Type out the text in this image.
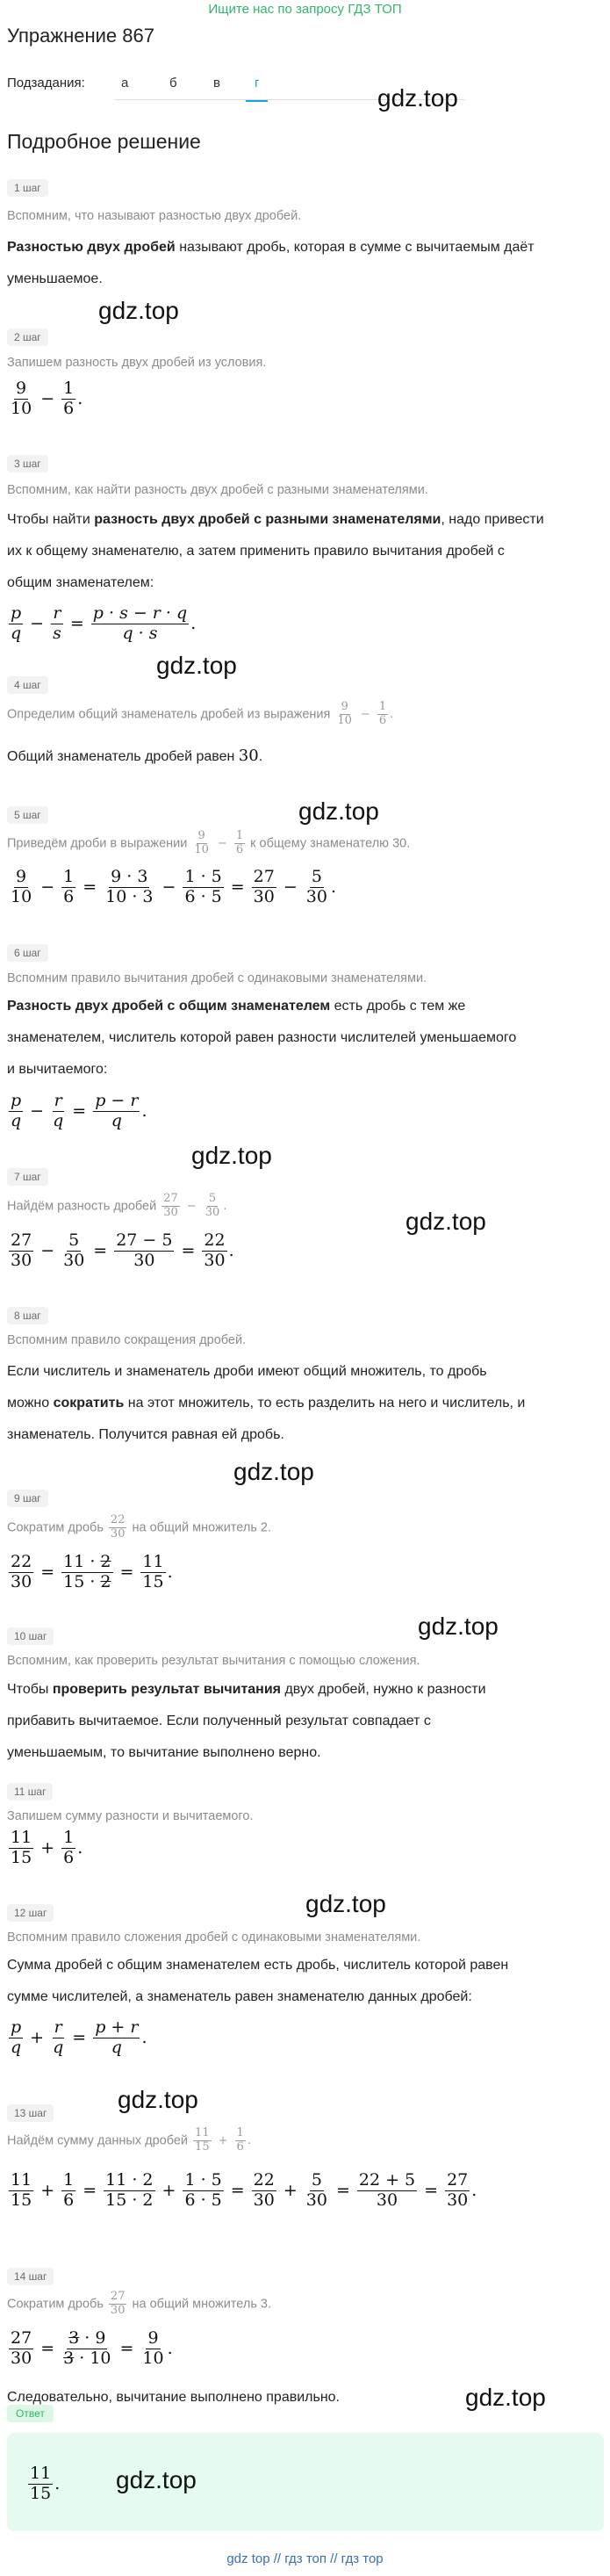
Ищите нас по запросу ГДЗ ТОП
Упражнение 867
Подзадания:	а	б	в	г
gdz.top
Подробное решение
1 шаг
Вспомним, что называют разностью двух дробей.
Разностью двух дробей называют дробь, которая в сумме с вычитаемым даёт
уменьшаемое.
gdz.top
2 шаг
Запишем разность двух дробей из условия.
9
$10 - \frac{1}{6}$ .
3 шаг
Вспомним, как найти разность двух дробей с разными знаменателями.
Чтобы найти разность двух дробей с разными знаменателями, надо привести
их к общему знаменателю, а затем применить правило вычитания дробей с
общим знаменателем:
p
$q - \frac{r}{s} = \frac{p \cdot s - r \cdot q}{q \cdot s}$ .
gdz.top
4 шаг
Определим общий знаменатель дробей из выражения
9
$10 - \frac{1}{6}$ .
Общий знаменатель дробей равен 30.
gdz.top
5 шаг
Приведём дроби в выражении
9
$10 - \frac{1}{6}$ к общему знаменателю 30.
9
$10 - \frac{1}{6} = \frac{9 \cdot 3}{10 \cdot 3} - \frac{1 \cdot 5}{6 \cdot 5} = \frac{27}{30} - \frac{5}{30}$ .
6 шаг
Вспомним правило вычитания дробей с одинаковыми знаменателями.
Разность двух дробей с общим знаменателем есть дробь с тем же
знаменателем, числитель которой равен разности числителей уменьшаемого
и вычитаемого:
p
$q - \frac{r}{q} = \frac{p - r}{q}$ .
gdz.top
7 шаг
Найдём разность дробей
27
$30 - \frac{5}{30}$ .
gdz.top
27
$30 - \frac{5}{30} = \frac{27 - 5}{30} = \frac{22}{30}$ .
8 шаг
Вспомним правило сокращения дробей.
Если числитель и знаменатель дроби имеют общий множитель, то дробь
можно сократить на этот множитель, то есть разделить на него и числитель, и
знаменатель. Получится равная ей дробь.
gdz.top
9 шаг
Сократим дробь
22
30 на общий множитель 2.
$\frac{22}{30} = \frac{11 \cdot 2}{15 \cdot 2} = \frac{11}{15}$ .
gdz.top
10 шаг
Вспомним, как проверить результат вычитания с помощью сложения.
Чтобы проверить результат вычитания двух дробей, нужно к разности
прибавить вычитаемое. Если полученный результат совпадает с
уменьшаемым, то вычитание выполнено верно.
11 шаг
Запишем сумму разности и вычитаемого.
11
$15 + \frac{1}{6}$ .
gdz.top
12 шаг
Вспомним правило сложения дробей с одинаковыми знаменателями.
Сумма дробей с общим знаменателем есть дробь, числитель которой равен
сумме числителей, а знаменатель равен знаменателю данных дробей:
p
$q + \frac{r}{q} = \frac{p + r}{q}$ .
gdz.top
13 шаг
Найдём сумму данных дробей
11
$15 + \frac{1}{6}$ .
11
$15 + \frac{1}{6} = \frac{11 \cdot 2}{15 \cdot 2} + \frac{1 \cdot 5}{6 \cdot 5} = \frac{22}{30} + \frac{5}{30} = \frac{22 + 5}{30} = \frac{27}{30}$ .
14 шаг
Сократим дробь
27
30 на общий множитель 3.
$\frac{27}{30} = \frac{3 \cdot 9}{3 \cdot 10} = \frac{9}{10}$ .
Следовательно, вычитание выполнено правильно.	gdz.top
Ответ
$\frac{11}{15}$ . gdz.top
gdz top // гдз топ // гдз тор
